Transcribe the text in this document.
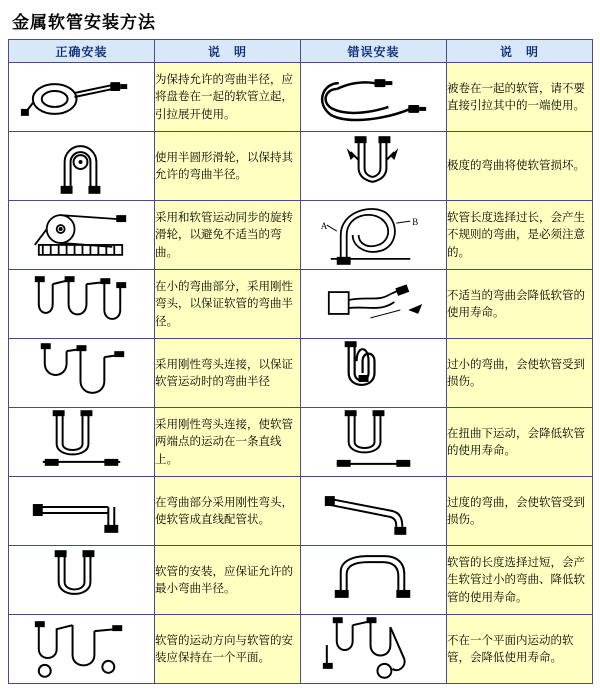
金属软管安装方法
正确安装	说　明	错误安装	说　明

	为保持允许的弯曲半径，应将盘卷在一起的软管立起，引拉展开使用。		被卷在一起的软管，请不要直接引拉其中的一端使用。

	使用半圆形滑轮，以保持其允许的弯曲半径。		极度的弯曲将使软管损坏。

	采用和软管运动同步的旋转滑轮，以避免不适当的弯曲。	A B	软管长度选择过长，会产生不规则的弯曲，是必须注意的。

	在小的弯曲部分，采用刚性弯头，以保证软管的弯曲半径。		不适当的弯曲会降低软管的使用寿命。

	采用刚性弯头连接，以保证软管运动时的弯曲半径		过小的弯曲，会使软管受到损伤。

	采用刚性弯头连接，使软管两端点的运动在一条直线上。		在扭曲下运动，会降低软管的使用寿命。

	在弯曲部分采用刚性弯头，使软管成直线配管状。		过度的弯曲，会使软管受到损伤。

	软管的安装，应保证允许的最小弯曲半径。		软管的长度选择过短，会产生软管过小的弯曲、降低软管的使用寿命。

	软管的运动方向与软管的安装应保持在一个平面。		不在一个平面内运动的软管，会降低使用寿命。
